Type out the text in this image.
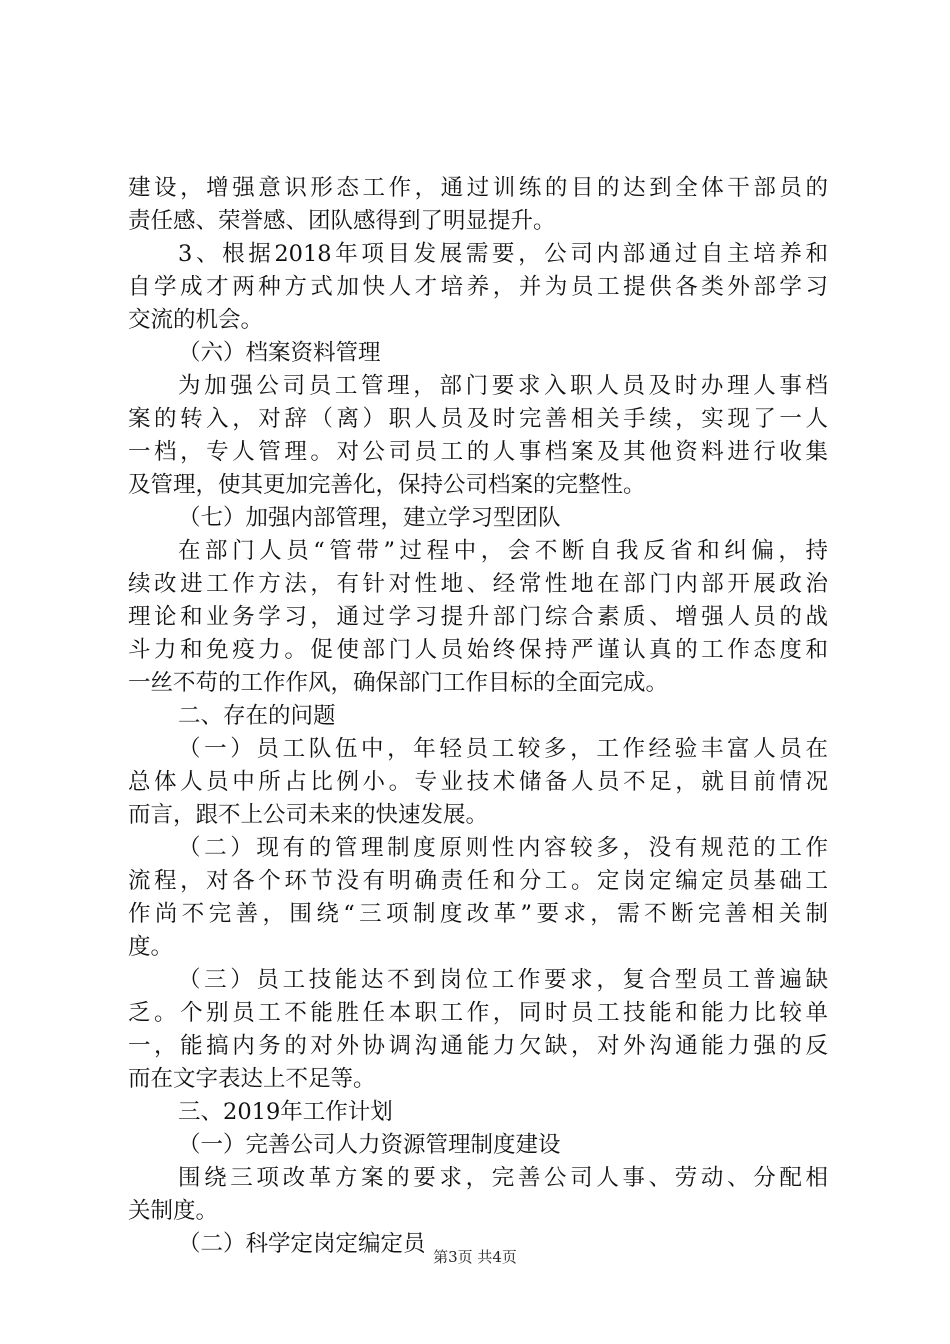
建设，增强意识形态工作，通过训练的目的达到全体干部员的
责任感、荣誉感、团队感得到了明显提升。
3、根据2018年项目发展需要，公司内部通过自主培养和
自学成才两种方式加快人才培养，并为员工提供各类外部学习
交流的机会。
（六）档案资料管理
为加强公司员工管理，部门要求入职人员及时办理人事档
案的转入，对辞（离）职人员及时完善相关手续，实现了一人
一档，专人管理。对公司员工的人事档案及其他资料进行收集
及管理，使其更加完善化，保持公司档案的完整性。
（七）加强内部管理，建立学习型团队
在部门人员“管带”过程中，会不断自我反省和纠偏，持
续改进工作方法，有针对性地、经常性地在部门内部开展政治
理论和业务学习，通过学习提升部门综合素质、增强人员的战
斗力和免疫力。促使部门人员始终保持严谨认真的工作态度和
一丝不苟的工作作风，确保部门工作目标的全面完成。
二、存在的问题
（一）员工队伍中，年轻员工较多，工作经验丰富人员在
总体人员中所占比例小。专业技术储备人员不足，就目前情况
而言，跟不上公司未来的快速发展。
（二）现有的管理制度原则性内容较多，没有规范的工作
流程，对各个环节没有明确责任和分工。定岗定编定员基础工
作尚不完善，围绕“三项制度改革”要求，需不断完善相关制
度。
（三）员工技能达不到岗位工作要求，复合型员工普遍缺
乏。个别员工不能胜任本职工作，同时员工技能和能力比较单
一，能搞内务的对外协调沟通能力欠缺，对外沟通能力强的反
而在文字表达上不足等。
三、2019年工作计划
（一）完善公司人力资源管理制度建设
围绕三项改革方案的要求，完善公司人事、劳动、分配相
关制度。
（二）科学定岗定编定员 第3页 共4页
